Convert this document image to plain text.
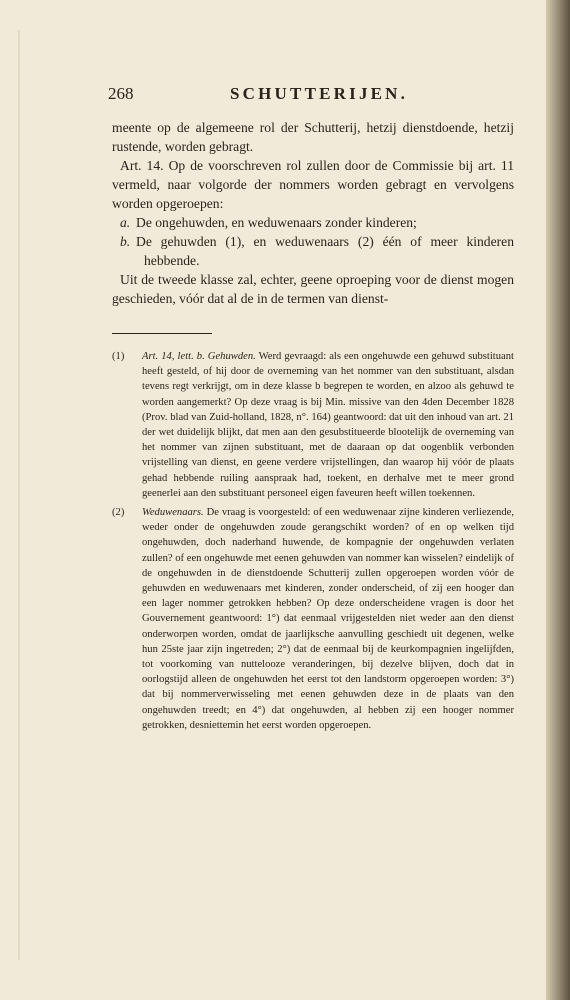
268	SCHUTTERIJEN.

meente op de algemeene rol der Schutterij, hetzij dienstdoende, hetzij rustende, worden gebragt.

Art. 14. Op de voorschreven rol zullen door de Commissie bij art. 11 vermeld, naar volgorde der nommers worden gebragt en vervolgens worden opgeroepen:

a. De ongehuwden, en weduwenaars zonder kinderen;

b. De gehuwden (1), en weduwenaars (2) één of meer kinderen hebbende.

Uit de tweede klasse zal, echter, geene oproeping voor de dienst mogen geschieden, vóór dat al de in de termen van dienst-

(1) Art. 14, lett. b. Gehuwden. Werd gevraagd: als een ongehuwde een gehuwd substituant heeft gesteld, of hij door de overneming van het nommer van den substituant, alsdan tevens regt verkrijgt, om in deze klasse b begrepen te worden, en alzoo als gehuwd te worden aangemerkt? Op deze vraag is bij Min. missive van den 4den December 1828 (Prov. blad van Zuid-holland, 1828, n°. 164) geantwoord: dat uit den inhoud van art. 21 der wet duidelijk blijkt, dat men aan den gesubstitueerde blootelijk de overneming van het nommer van zijnen substituant, met de daaraan op dat oogenblik verbonden vrijstelling van dienst, en geene verdere vrijstellingen, dan waarop hij vóór de plaats gehad hebbende ruiling aanspraak had, toekent, en derhalve met te meer grond geenerlei aan den substituant personeel eigen faveuren heeft willen toekennen.

(2) Weduwenaars. De vraag is voorgesteld: of een weduwenaar zijne kinderen verliezende, weder onder de ongehuwden zoude gerangschikt worden? of en op welken tijd ongehuwden, doch naderhand huwende, de kompagnie der ongehuwden verlaten zullen? of een ongehuwde met eenen gehuwden van nommer kan wisselen? eindelijk of de ongehuwden in de dienstdoende Schutterij zullen opgeroepen worden vóór de gehuwden en weduwenaars met kinderen, zonder onderscheid, of zij een hooger dan een lager nommer getrokken hebben? Op deze onderscheidene vragen is door het Gouvernement geantwoord: 1°) dat eenmaal vrijgestelden niet weder aan den dienst onderworpen worden, omdat de jaarlijksche aanvulling geschiedt uit degenen, welke hun 25ste jaar zijn ingetreden; 2°) dat de eenmaal bij de keurkompagnien ingelijfden, tot voorkoming van nuttelooze veranderingen, bij dezelve blijven, doch dat in oorlogstijd alleen de ongehuwden het eerst tot den landstorm opgeroepen worden: 3°) dat bij nommerverwisseling met eenen gehuwden deze in de plaats van den ongehuwden treedt; en 4°) dat ongehuwden, al hebben zij een hooger nommer getrokken, desniettemin het eerst worden opgeroepen.
